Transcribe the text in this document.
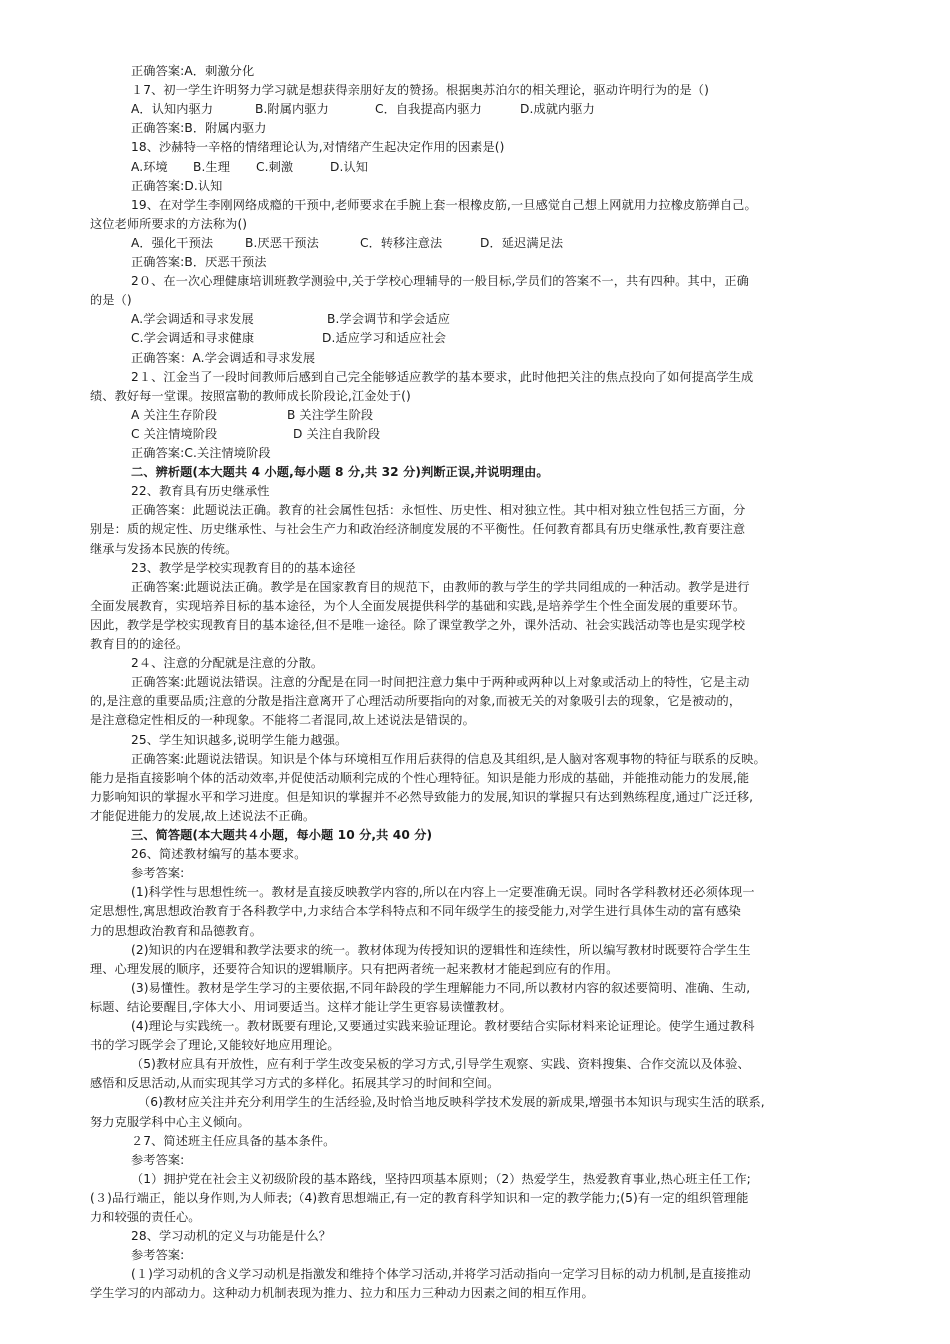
正确答案:A．刺激分化
１7、初一学生许明努力学习就是想获得亲朋好友的赞扬。根据奥苏泊尔的相关理论，驱动许明行为的是（)
A．认知内驱力	B.附属内驱力	C．自我提高内驱力	D.成就内驱力
正确答案:B．附属内驱力
18、沙赫特一辛格的情绪理论认为,对情绪产生起决定作用的因素是()
A.环境 B.生理 C.刺激	D.认知
正确答案:D.认知
19、在对学生李刚网络成瘾的干预中,老师要求在手腕上套一根橡皮筋,一旦感觉自己想上网就用力拉橡皮筋弹自己。
这位老师所要求的方法称为()
A．强化干预法	B.厌恶干预法	C．转移注意法	D．延迟满足法
正确答案:B．厌恶干预法
2０、在一次心理健康培训班教学测验中,关于学校心理辅导的一般目标,学员们的答案不一，共有四种。其中，正确
的是（)
A.学会调适和寻求发展	B.学会调节和学会适应
C.学会调适和寻求健康	D.适应学习和适应社会
正确答案：A.学会调适和寻求发展
2１、江金当了一段时间教师后感到自己完全能够适应教学的基本要求，此时他把关注的焦点投向了如何提高学生成
绩、教好每一堂课。按照富勒的教师成长阶段论,江金处于()
A 关注生存阶段	B 关注学生阶段
C 关注情境阶段	D 关注自我阶段
正确答案:C.关注情境阶段
二、辨析题(本大题共 4 小题,每小题 8 分,共 32 分)判断正误,并说明理由。
22、教育具有历史继承性
正确答案：此题说法正确。教育的社会属性包括：永恒性、历史性、相对独立性。其中相对独立性包括三方面，分
别是：质的规定性、历史继承性、与社会生产力和政治经济制度发展的不平衡性。任何教育都具有历史继承性,教育要注意
继承与发扬本民族的传统。
23、教学是学校实现教育目的的基本途径
正确答案:此题说法正确。教学是在国家教育目的规范下，由教师的教与学生的学共同组成的一种活动。教学是进行
全面发展教育，实现培养目标的基本途径，为个人全面发展提供科学的基础和实践,是培养学生个性全面发展的重要环节。
因此，教学是学校实现教育目的基本途径,但不是唯一途径。除了课堂教学之外，课外活动、社会实践活动等也是实现学校
教育目的的途径。
2４、注意的分配就是注意的分散。
正确答案:此题说法错误。注意的分配是在同一时间把注意力集中于两种或两种以上对象或活动上的特性，它是主动
的,是注意的重要品质;注意的分散是指注意离开了心理活动所要指向的对象,而被无关的对象吸引去的现象，它是被动的，
是注意稳定性相反的一种现象。不能将二者混同,故上述说法是错误的。
25、学生知识越多,说明学生能力越强。
正确答案:此题说法错误。知识是个体与环境相互作用后获得的信息及其组织,是人脑对客观事物的特征与联系的反映。
能力是指直接影响个体的活动效率,并促使活动顺利完成的个性心理特征。知识是能力形成的基础，并能推动能力的发展,能
力影响知识的掌握水平和学习进度。但是知识的掌握并不必然导致能力的发展,知识的掌握只有达到熟练程度,通过广泛迁移,
才能促进能力的发展,故上述说法不正确。
三、简答题(本大题共４小题，每小题 10 分,共 40 分)
26、简述教材编写的基本要求。
参考答案:
(1)科学性与思想性统一。教材是直接反映教学内容的,所以在内容上一定要准确无误。同时各学科教材还必须体现一
定思想性,寓思想政治教育于各科教学中,力求结合本学科特点和不同年级学生的接受能力,对学生进行具体生动的富有感染
力的思想政治教育和品德教育。
(2)知识的内在逻辑和教学法要求的统一。教材体现为传授知识的逻辑性和连续性，所以编写教材时既要符合学生生
理、心理发展的顺序，还要符合知识的逻辑顺序。只有把两者统一起来教材才能起到应有的作用。
(3)易懂性。教材是学生学习的主要依据,不同年龄段的学生理解能力不同,所以教材内容的叙述要简明、准确、生动,
标题、结论要醒目,字体大小、用词要适当。这样才能让学生更容易读懂教材。
(4)理论与实践统一。教材既要有理论,又要通过实践来验证理论。教材要结合实际材料来论证理论。使学生通过教科
书的学习既学会了理论,又能较好地应用理论。
（5)教材应具有开放性，应有利于学生改变呆板的学习方式,引导学生观察、实践、资料搜集、合作交流以及体验、
感悟和反思活动,从而实现其学习方式的多样化。拓展其学习的时间和空间。
（6)教材应关注并充分利用学生的生活经验,及时恰当地反映科学技术发展的新成果,增强书本知识与现实生活的联系,
努力克服学科中心主义倾向。
２7、简述班主任应具备的基本条件。
参考答案:
（1）拥护党在社会主义初级阶段的基本路线，坚持四项基本原则；（2）热爱学生，热爱教育事业,热心班主任工作;
(３)品行端正，能以身作则,为人师表;（4)教育思想端正,有一定的教育科学知识和一定的教学能力;(5)有一定的组织管理能
力和较强的责任心。
28、学习动机的定义与功能是什么？
参考答案:
(１)学习动机的含义学习动机是指激发和维持个体学习活动,并将学习活动指向一定学习目标的动力机制,是直接推动
学生学习的内部动力。这种动力机制表现为推力、拉力和压力三种动力因素之间的相互作用。
